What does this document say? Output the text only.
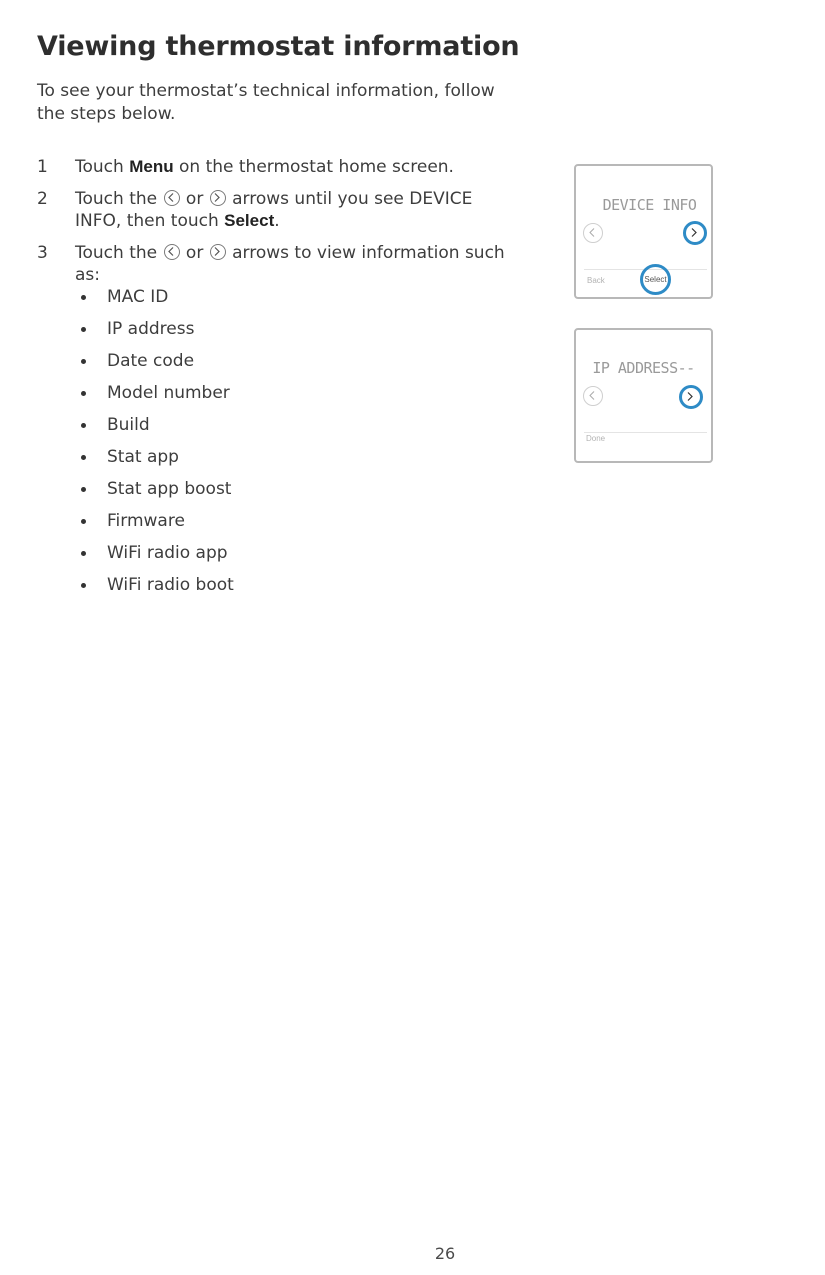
Viewing thermostat information
To see your thermostat’s technical information, follow the steps below.
1 Touch Menu on the thermostat home screen.
2 Touch the or arrows until you see DEVICE INFO, then touch Select.
3 Touch the or arrows to view information such as:
MAC ID
IP address
Date code
Model number
Build
Stat app
Stat app boost
Firmware
WiFi radio app
WiFi radio boot
DEVICE INFO
Back	Select
IP ADDRESS--
Done
26
